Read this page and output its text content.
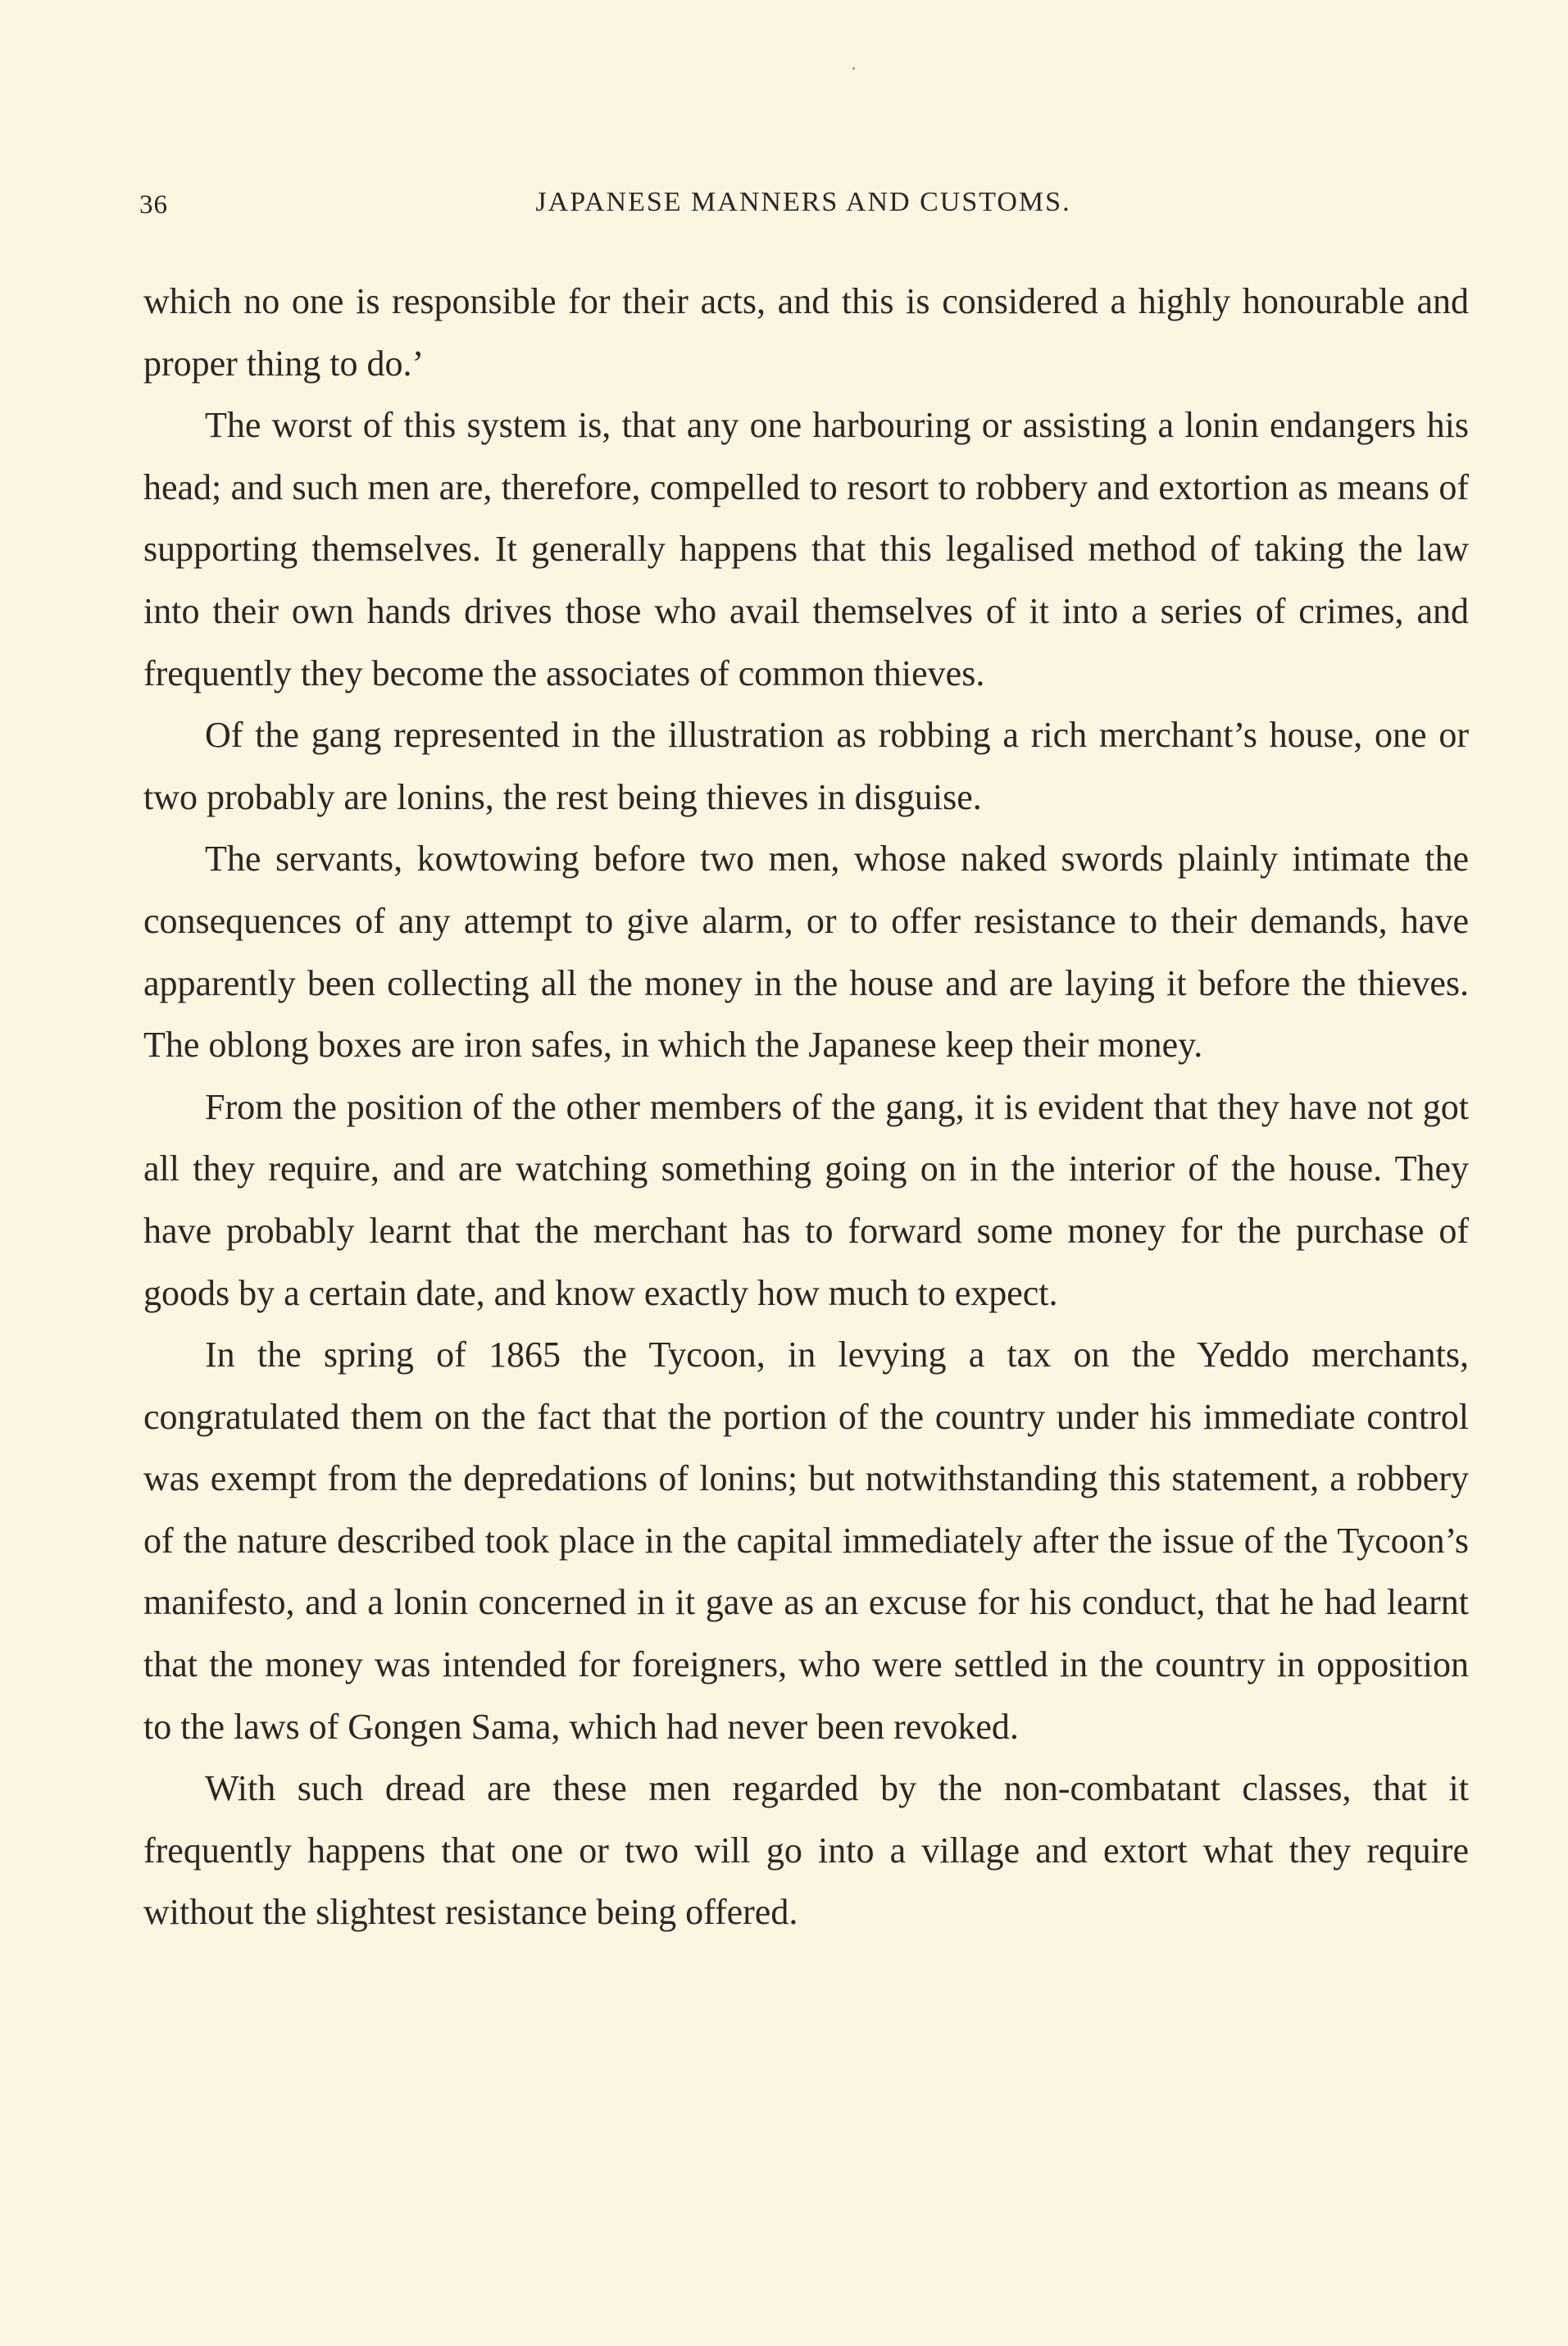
36	JAPANESE MANNERS AND CUSTOMS.

which no one is responsible for their acts, and this is considered a highly honourable and proper thing to do.’

The worst of this system is, that any one harbouring or assisting a lonin endangers his head; and such men are, therefore, compelled to resort to robbery and extortion as means of supporting themselves. It generally happens that this legalised method of taking the law into their own hands drives those who avail themselves of it into a series of crimes, and frequently they become the associates of common thieves.

Of the gang represented in the illustration as robbing a rich merchant’s house, one or two probably are lonins, the rest being thieves in disguise.

The servants, kowtowing before two men, whose naked swords plainly intimate the consequences of any attempt to give alarm, or to offer resistance to their demands, have apparently been collecting all the money in the house and are laying it before the thieves. The oblong boxes are iron safes, in which the Japanese keep their money.

From the position of the other members of the gang, it is evident that they have not got all they require, and are watching something going on in the interior of the house. They have probably learnt that the merchant has to forward some money for the purchase of goods by a certain date, and know exactly how much to expect.

In the spring of 1865 the Tycoon, in levying a tax on the Yeddo merchants, congratulated them on the fact that the portion of the country under his immediate control was exempt from the depredations of lonins; but notwithstanding this statement, a robbery of the nature described took place in the capital immediately after the issue of the Tycoon’s manifesto, and a lonin concerned in it gave as an excuse for his conduct, that he had learnt that the money was intended for foreigners, who were settled in the country in opposition to the laws of Gongen Sama, which had never been revoked.

With such dread are these men regarded by the non-combatant classes, that it frequently happens that one or two will go into a village and extort what they require without the slightest resistance being offered.
